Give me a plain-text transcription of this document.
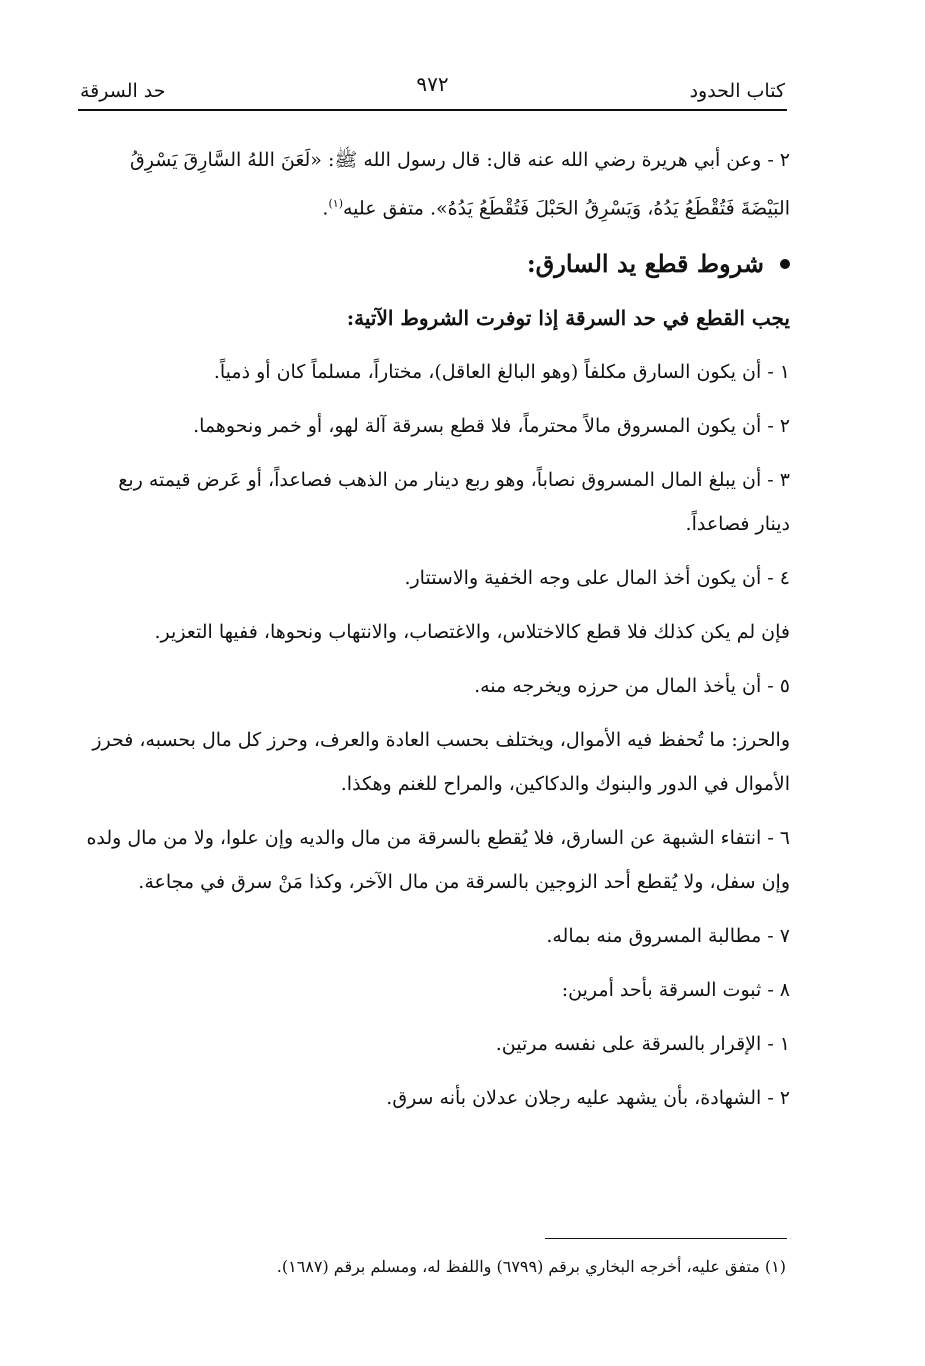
كتاب الحدود
٩٧٢
حد السرقة

٢ - وعن أبي هريرة رضي الله عنه قال: قال رسول الله ﷺ: «لَعَنَ اللهُ السَّارِقَ يَسْرِقُ البَيْضَةَ فَتُقْطَعُ يَدُهُ، وَيَسْرِقُ الحَبْلَ فَتُقْطَعُ يَدُهُ». متفق عليه$^{(١)}$.

شروط قطع يد السارق:

يجب القطع في حد السرقة إذا توفرت الشروط الآتية:

١ - أن يكون السارق مكلفاً (وهو البالغ العاقل)، مختاراً، مسلماً كان أو ذمياً.

٢ - أن يكون المسروق مالاً محترماً، فلا قطع بسرقة آلة لهو، أو خمر ونحوهما.

٣ - أن يبلغ المال المسروق نصاباً، وهو ربع دينار من الذهب فصاعداً، أو عَرض قيمته ربع دينار فصاعداً.

٤ - أن يكون أخذ المال على وجه الخفية والاستتار.

فإن لم يكن كذلك فلا قطع كالاختلاس، والاغتصاب، والانتهاب ونحوها، ففيها التعزير.

٥ - أن يأخذ المال من حرزه ويخرجه منه.

والحرز: ما تُحفظ فيه الأموال، ويختلف بحسب العادة والعرف، وحرز كل مال بحسبه، فحرز الأموال في الدور والبنوك والدكاكين، والمراح للغنم وهكذا.

٦ - انتفاء الشبهة عن السارق، فلا يُقطع بالسرقة من مال والديه وإن علوا، ولا من مال ولده وإن سفل، ولا يُقطع أحد الزوجين بالسرقة من مال الآخر، وكذا مَنْ سرق في مجاعة.

٧ - مطالبة المسروق منه بماله.

٨ - ثبوت السرقة بأحد أمرين:

١ - الإقرار بالسرقة على نفسه مرتين.

٢ - الشهادة، بأن يشهد عليه رجلان عدلان بأنه سرق.

(١) متفق عليه، أخرجه البخاري برقم (٦٧٩٩) واللفظ له، ومسلم برقم (١٦٨٧).
